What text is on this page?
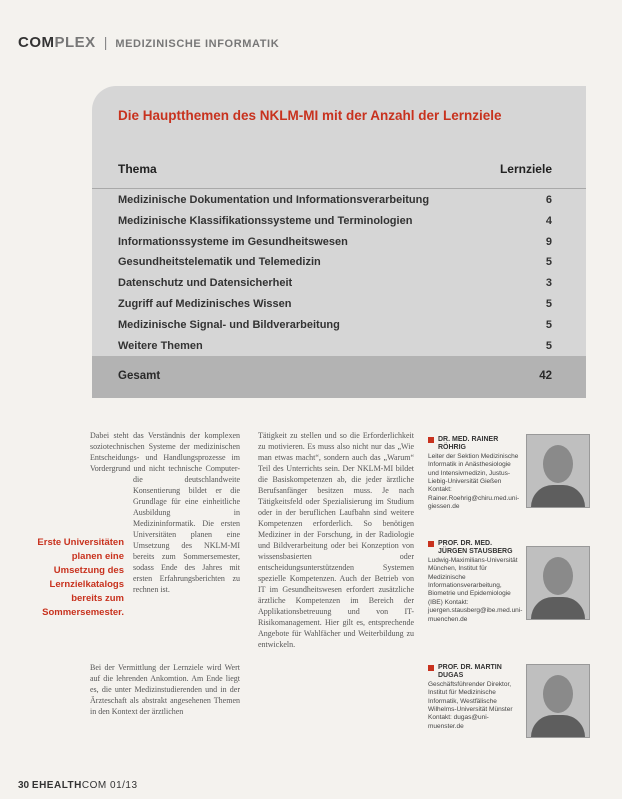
COMPLEX | MEDIZINISCHE INFORMATIK
Die Hauptthemen des NKLM-MI mit der Anzahl der Lernziele
Thema	Lernziele
Medizinische Dokumentation und Informationsverarbeitung	6
Medizinische Klassifikationssysteme und Terminologien	4
Informationssysteme im Gesundheitswesen	9
Gesundheitstelematik und Telemedizin	5
Datenschutz und Datensicherheit	3
Zugriff auf Medizinisches Wissen	5
Medizinische Signal- und Bildverarbeitung	5
Weitere Themen	5
Gesamt	42
Erste Universitäten planen eine Umsetzung des Lernzielkatalogs bereits zum Sommersemester.
Dabei steht das Verständnis der komplexen soziotechnischen Systeme der medizinischen Entscheidungs- und Handlungsprozesse im Vordergrund und nicht technische Computer-
die deutschlandweite Konsentierung bildet er die Grundlage für eine einheitliche Ausbildung in Medizininformatik. Die ersten Universitäten planen eine Umsetzung des NKLM-MI bereits zum Sommersemester, sodass Ende des Jahres mit ersten Erfahrungsberichten zu rechnen ist.
Bei der Vermittlung der Lernziele wird Wert auf die lehrenden Ankomtion. Am Ende liegt es, die unter Medizinstudierenden und in der Ärzteschaft als abstrakt angesehenen Themen in den Kontext der ärztlichen
Tätigkeit zu stellen und so die Erforderlichkeit zu motivieren. Es muss also nicht nur das „Wie man etwas macht“, sondern auch das „Warum“ Teil des Unterrichts sein. Der NKLM-MI bildet die Basiskompetenzen ab, die jeder ärztliche Berufsanfänger besitzen muss. Je nach Tätigkeitsfeld oder Spezialisierung im Studium oder in der beruflichen Laufbahn sind weitere Kompetenzen erforderlich. So benötigen Mediziner in der Forschung, in der Radiologie und Bildverarbeitung oder bei Konzeption von wissensbasierten oder entscheidungsunterstützenden Systemen spezielle Kompetenzen. Auch der Betrieb von IT im Gesundheitswesen erfordert zusätzliche ärztliche Kompetenzen im Bereich der Applikationsbetreuung und von IT-Risikomanagement. Hier gilt es, entsprechende Angebote für Wahlfächer und Weiterbildung zu entwickeln.
DR. MED. RAINER RÖHRIG
Leiter der Sektion Medizinische Informatik in Anästhesiologie und Intensivmedizin, Justus-Liebig-Universität Gießen Kontakt: Rainer.Roehrig@chiru.med.uni-giessen.de
PROF. DR. MED. JÜRGEN STAUSBERG
Ludwig-Maximilians-Universität München, Institut für Medizinische Informationsverarbeitung, Biometrie und Epidemiologie (IBE) Kontakt: juergen.stausberg@ibe.med.uni-muenchen.de
PROF. DR. MARTIN DUGAS
Geschäftsführender Direktor, Institut für Medizinische Informatik, Westfälische Wilhelms-Universität Münster Kontakt: dugas@uni-muenster.de
30 EHEALTHCOM 01/13
